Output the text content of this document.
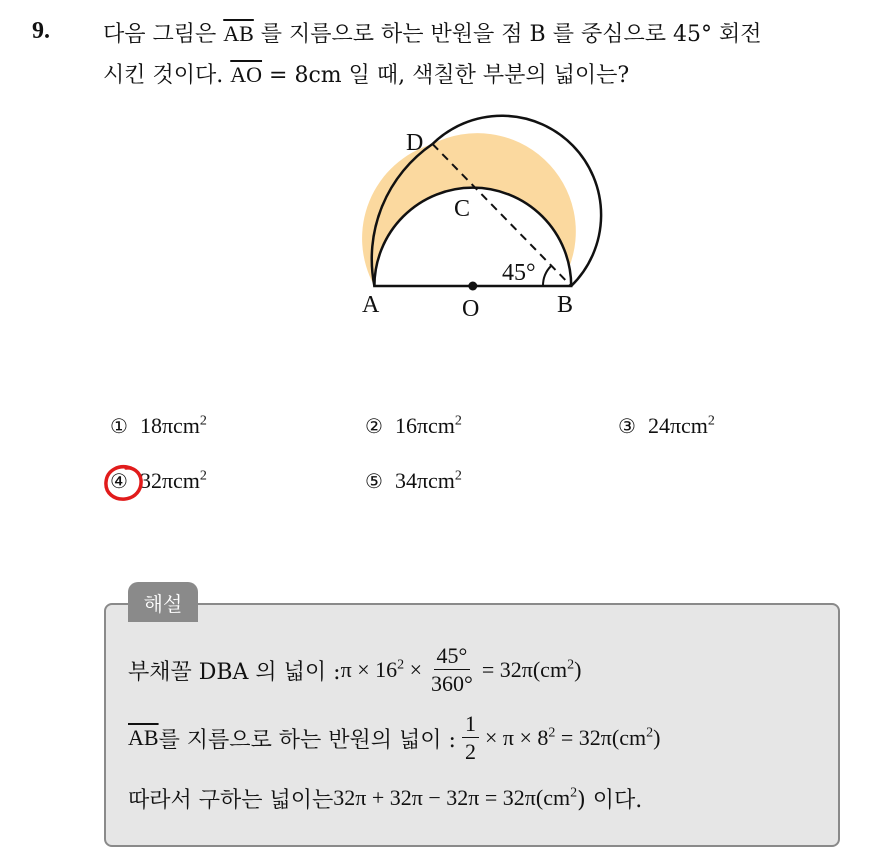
9. 다음 그림은 $\overline{AB}$ 를 지름으로 하는 반원을 점 B 를 중심으로 45° 회전
시킨 것이다. $\overline{AO} = 8cm$ 일 때, 색칠한 부분의 넓이는?
D
C
A	O	B
45°
① 18πcm$^2$	② 16πcm$^2$	③ 24πcm$^2$
④ 32πcm$^2$	⑤ 34πcm$^2$
해설
부채꼴 DBA 의 넓이 : $\pi \times 16^2 \times \frac{45^\circ}{360^\circ} = 32\pi(cm^2)$
$\overline{AB}$ 를 지름으로 하는 반원의 넓이 : $\frac{1}{2} \times \pi \times 8^2 = 32\pi(cm^2)$
따라서 구하는 넓이는 $32\pi + 32\pi - 32\pi = 32\pi(cm^2$ ) 이다.
